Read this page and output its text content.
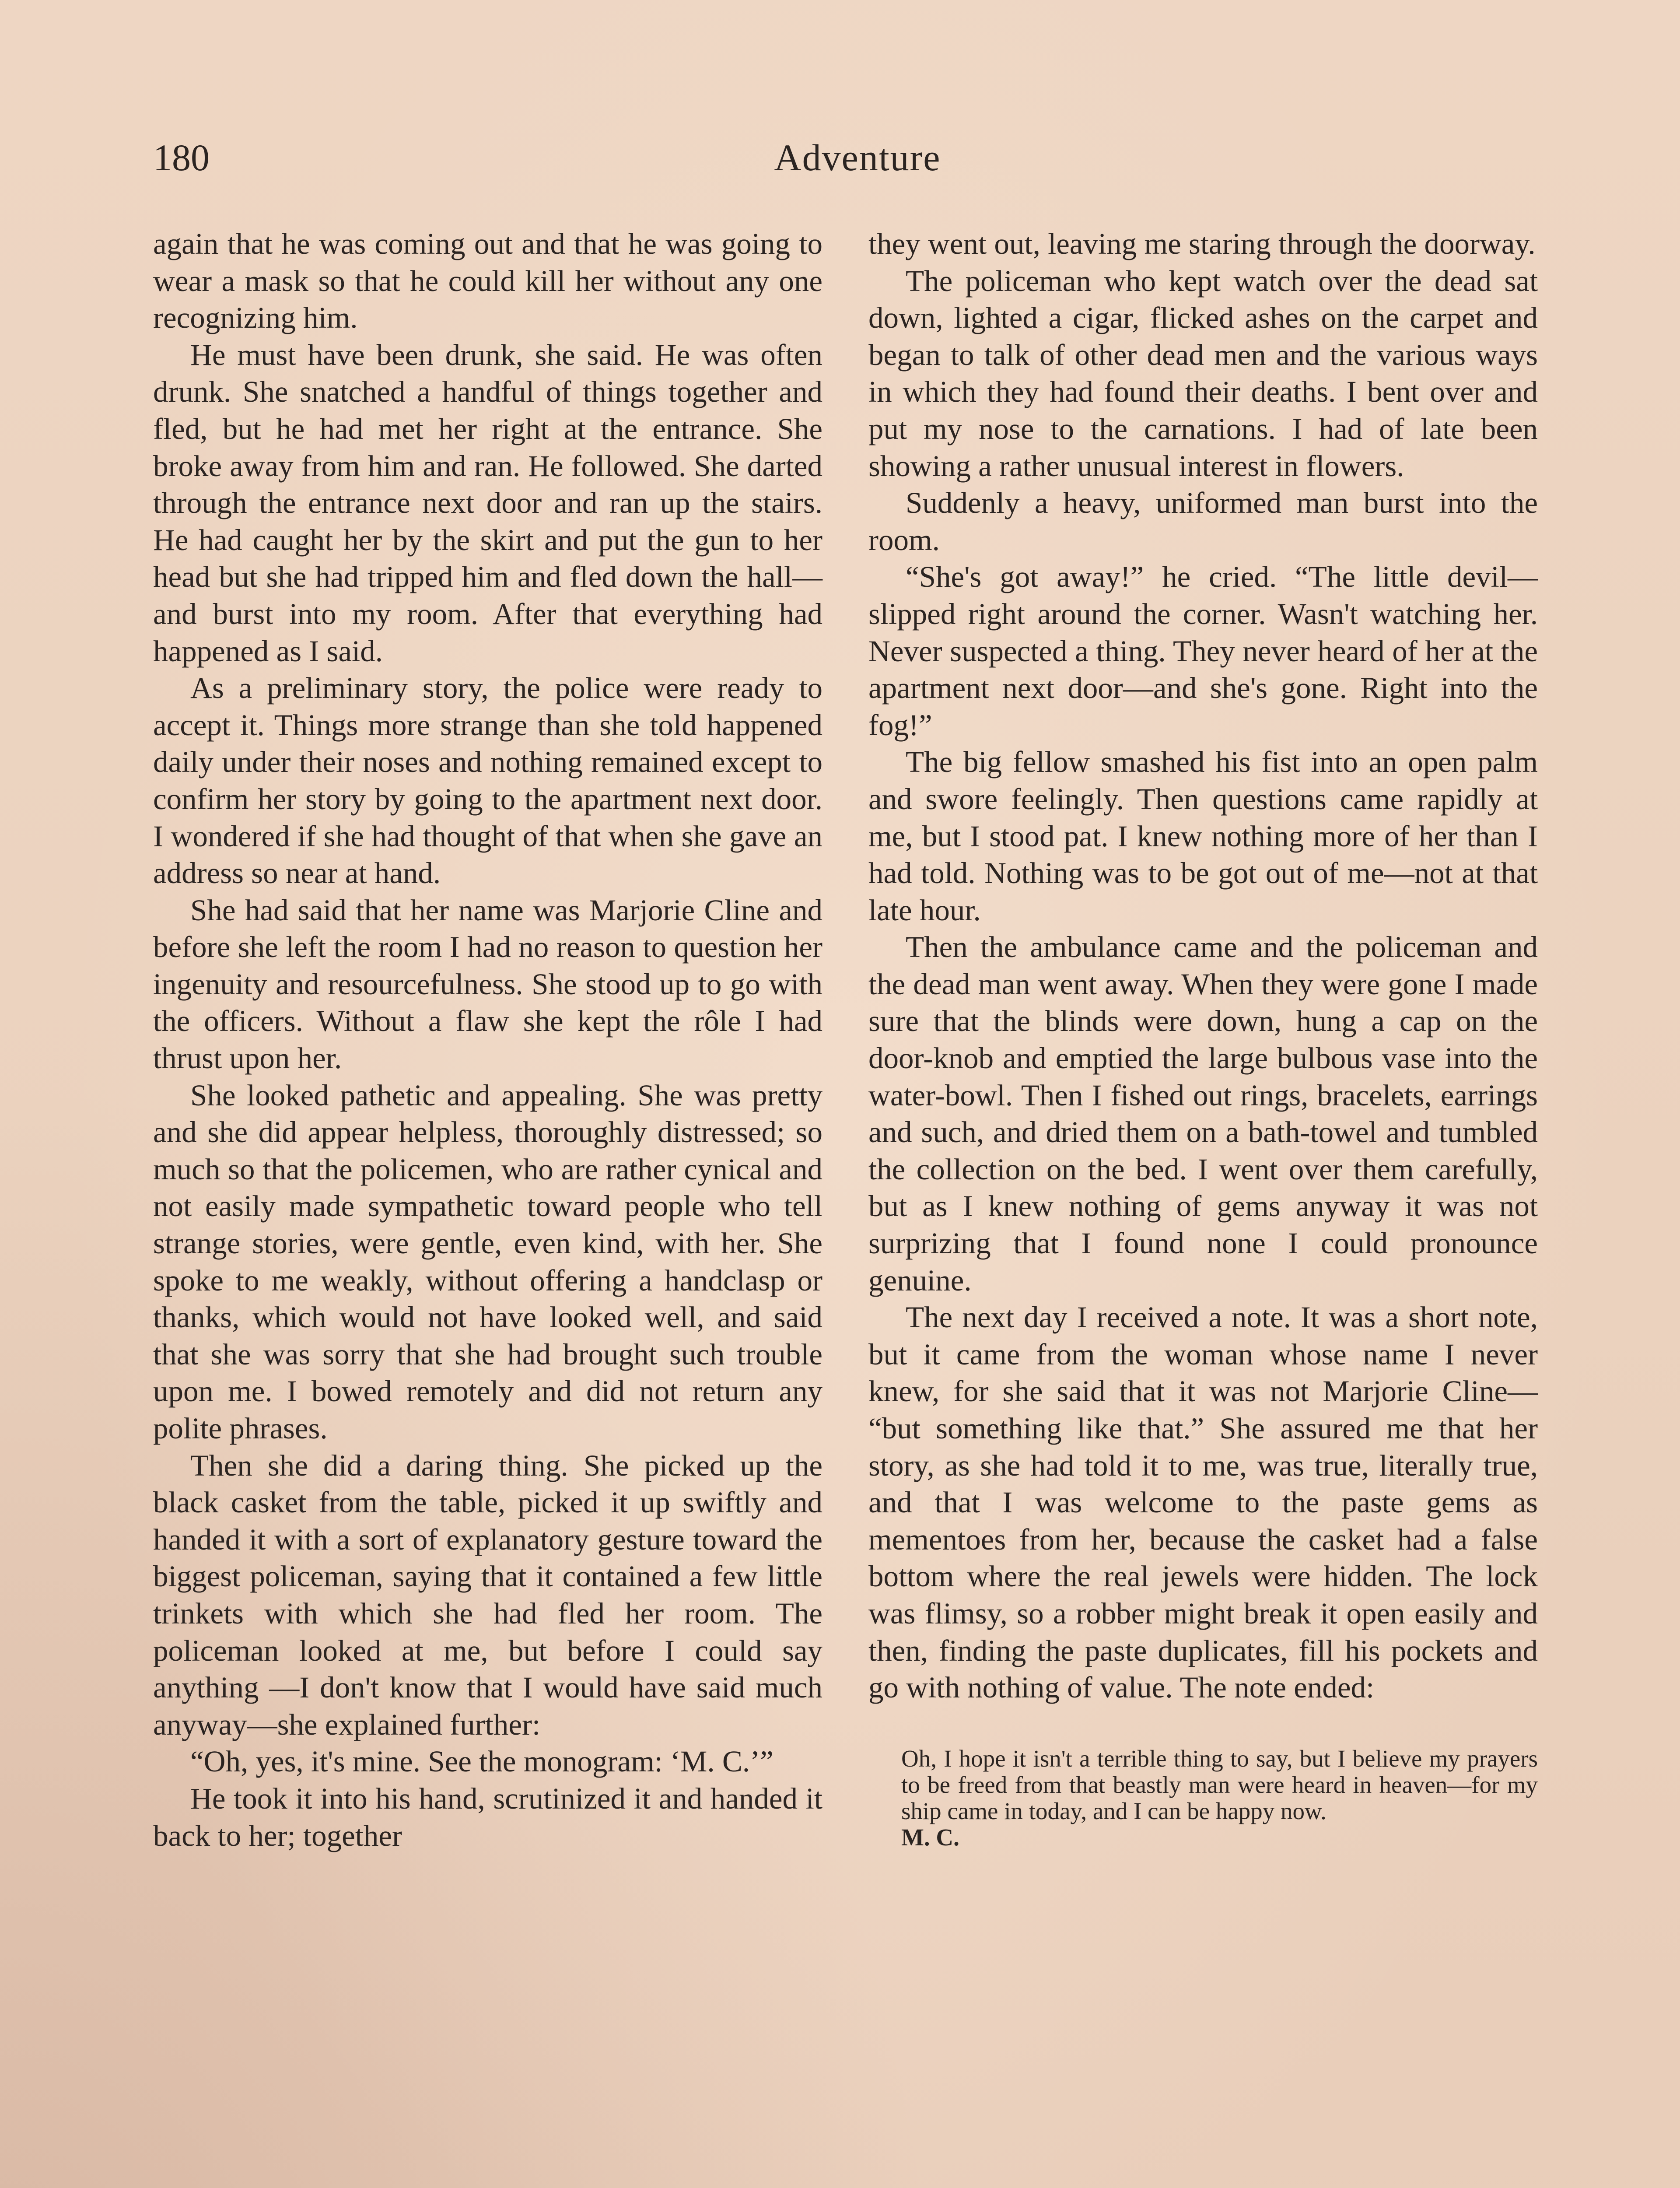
180	Adventure

again that he was coming out and that he was going to wear a mask so that he could kill her without any one recognizing him.

He must have been drunk, she said. He was often drunk. She snatched a handful of things together and fled, but he had met her right at the entrance. She broke away from him and ran. He followed. She darted through the entrance next door and ran up the stairs. He had caught her by the skirt and put the gun to her head but she had tripped him and fled down the hall—and burst into my room. After that everything had happened as I said.

As a preliminary story, the police were ready to accept it. Things more strange than she told happened daily under their noses and nothing remained except to confirm her story by going to the apartment next door. I wondered if she had thought of that when she gave an address so near at hand.

She had said that her name was Marjorie Cline and before she left the room I had no reason to question her ingenuity and resourcefulness. She stood up to go with the officers. Without a flaw she kept the rôle I had thrust upon her.

She looked pathetic and appealing. She was pretty and she did appear helpless, thoroughly distressed; so much so that the policemen, who are rather cynical and not easily made sympathetic toward people who tell strange stories, were gentle, even kind, with her. She spoke to me weakly, without offering a handclasp or thanks, which would not have looked well, and said that she was sorry that she had brought such trouble upon me. I bowed remotely and did not return any polite phrases.

Then she did a daring thing. She picked up the black casket from the table, picked it up swiftly and handed it with a sort of explanatory gesture toward the biggest policeman, saying that it contained a few little trinkets with which she had fled her room. The policeman looked at me, but before I could say anything —I don't know that I would have said much anyway—she explained further:

“Oh, yes, it's mine. See the monogram: ‘M. C.’”

He took it into his hand, scrutinized it and handed it back to her; together

they went out, leaving me staring through the doorway.

The policeman who kept watch over the dead sat down, lighted a cigar, flicked ashes on the carpet and began to talk of other dead men and the various ways in which they had found their deaths. I bent over and put my nose to the carnations. I had of late been showing a rather unusual interest in flowers.

Suddenly a heavy, uniformed man burst into the room.

“She's got away!” he cried. “The little devil—slipped right around the corner. Wasn't watching her. Never suspected a thing. They never heard of her at the apartment next door—and she's gone. Right into the fog!”

The big fellow smashed his fist into an open palm and swore feelingly. Then questions came rapidly at me, but I stood pat. I knew nothing more of her than I had told. Nothing was to be got out of me—not at that late hour.

Then the ambulance came and the policeman and the dead man went away. When they were gone I made sure that the blinds were down, hung a cap on the door-knob and emptied the large bulbous vase into the water-bowl. Then I fished out rings, bracelets, earrings and such, and dried them on a bath-towel and tumbled the collection on the bed. I went over them carefully, but as I knew nothing of gems anyway it was not surprizing that I found none I could pronounce genuine.

The next day I received a note. It was a short note, but it came from the woman whose name I never knew, for she said that it was not Marjorie Cline— “but something like that.” She assured me that her story, as she had told it to me, was true, literally true, and that I was welcome to the paste gems as mementoes from her, because the casket had a false bottom where the real jewels were hidden. The lock was flimsy, so a robber might break it open easily and then, finding the paste duplicates, fill his pockets and go with nothing of value. The note ended:

Oh, I hope it isn't a terrible thing to say, but I believe my prayers to be freed from that beastly man were heard in heaven—for my ship came in today, and I can be happy now.

M. C.
